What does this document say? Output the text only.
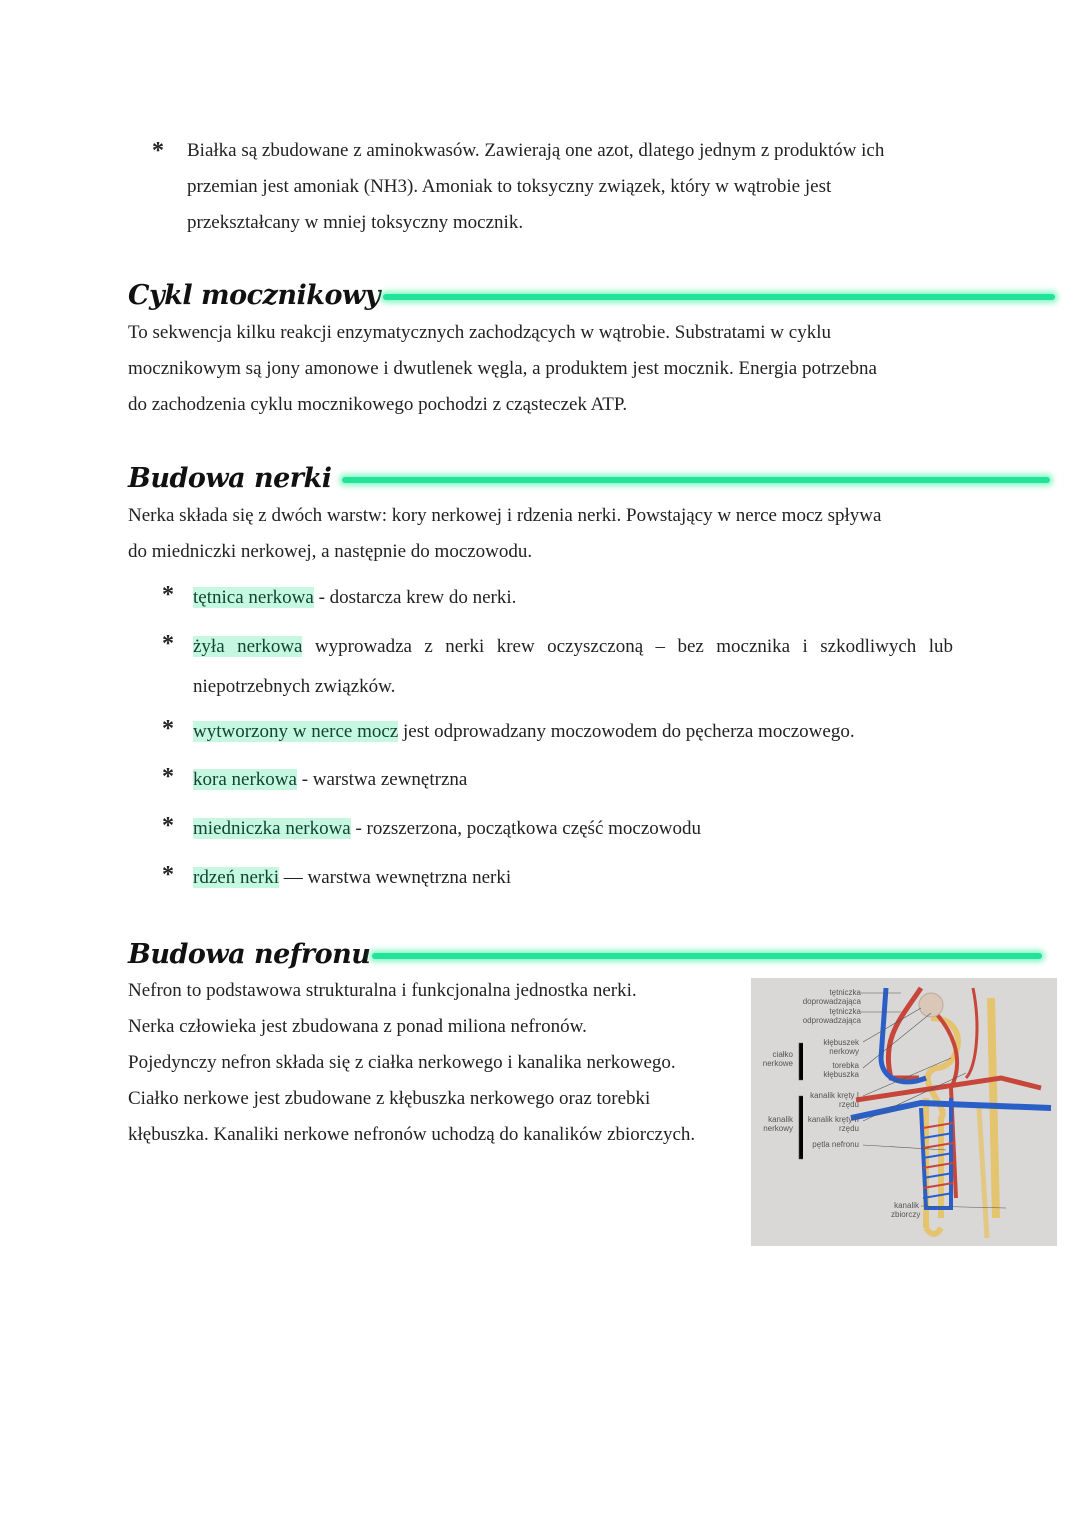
* Białka są zbudowane z aminokwasów. Zawierają one azot, dlatego jednym z produktów ich
przemian jest amoniak (NH3). Amoniak to toksyczny związek, który w wątrobie jest
przekształcany w mniej toksyczny mocznik.
Cykl mocznikowy
To sekwencja kilku reakcji enzymatycznych zachodzących w wątrobie. Substratami w cyklu
mocznikowym są jony amonowe i dwutlenek węgla, a produktem jest mocznik. Energia potrzebna
do zachodzenia cyklu mocznikowego pochodzi z cząsteczek ATP.
Budowa nerki
Nerka składa się z dwóch warstw: kory nerkowej i rdzenia nerki. Powstający w nerce mocz spływa
do miedniczki nerkowej, a następnie do moczowodu.
* tętnica nerkowa - dostarcza krew do nerki.
* żyła nerkowa wyprowadza z nerki krew oczyszczoną – bez mocznika i szkodliwych lub
niepotrzebnych związków.
* wytworzony w nerce mocz jest odprowadzany moczowodem do pęcherza moczowego.
* kora nerkowa - warstwa zewnętrzna
* miedniczka nerkowa - rozszerzona, początkowa część moczowodu
* rdzeń nerki — warstwa wewnętrzna nerki
Budowa nefronu
Nefron to podstawowa strukturalna i funkcjonalna jednostka nerki.
Nerka człowieka jest zbudowana z ponad miliona nefronów.
Pojedynczy nefron składa się z ciałka nerkowego i kanalika nerkowego.
Ciałko nerkowe jest zbudowane z kłębuszka nerkowego oraz torebki
kłębuszka. Kanaliki nerkowe nefronów uchodzą do kanalików zbiorczych.
tętniczka doprowadzająca
tętniczka odprowadzająca
ciałko nerkowe
kłębuszek nerkowy
torebka kłębuszka
kanalik nerkowy
kanalik kręty I rzędu
kanalik kręty II rzędu
pętla nefronu
kanalik zbiorczy
